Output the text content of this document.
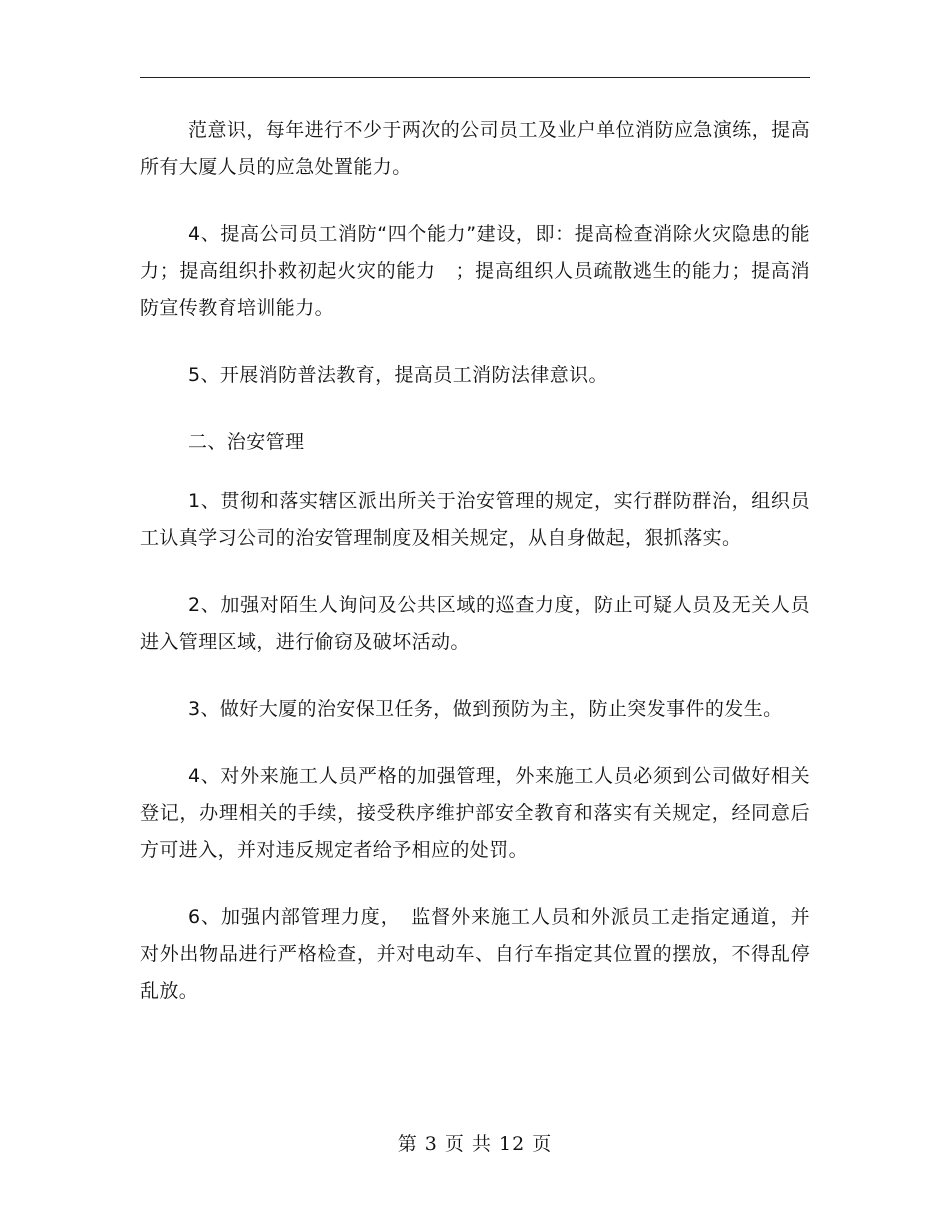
范意识，每年进行不少于两次的公司员工及业户单位消防应急演练，提高所有大厦人员的应急处置能力。

4、提高公司员工消防“四个能力”建设，即：提高检查消除火灾隐患的能力；提高组织扑救初起火灾的能力　；提高组织人员疏散逃生的能力；提高消防宣传教育培训能力。

5、开展消防普法教育，提高员工消防法律意识。

二、治安管理

1、贯彻和落实辖区派出所关于治安管理的规定，实行群防群治，组织员工认真学习公司的治安管理制度及相关规定，从自身做起，狠抓落实。

2、加强对陌生人询问及公共区域的巡查力度，防止可疑人员及无关人员进入管理区域，进行偷窃及破坏活动。

3、做好大厦的治安保卫任务，做到预防为主，防止突发事件的发生。

4、对外来施工人员严格的加强管理，外来施工人员必须到公司做好相关登记，办理相关的手续，接受秩序维护部安全教育和落实有关规定，经同意后方可进入，并对违反规定者给予相应的处罚。

6、加强内部管理力度，　监督外来施工人员和外派员工走指定通道，并对外出物品进行严格检查，并对电动车、自行车指定其位置的摆放，不得乱停乱放。

第 3 页 共 12 页
